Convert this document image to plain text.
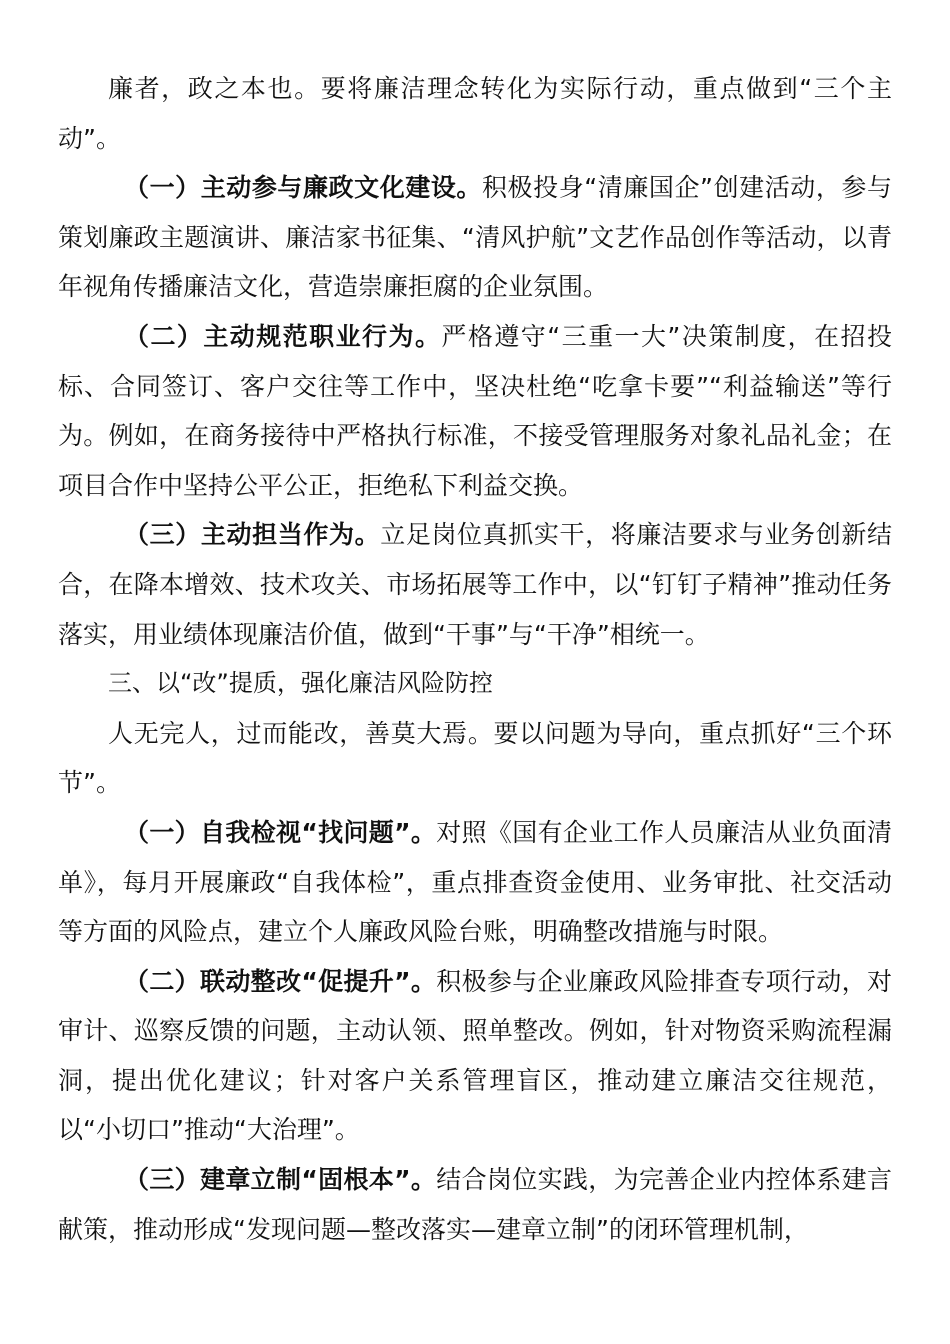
廉者，政之本也。要将廉洁理念转化为实际行动，重点做到“三个主动”。

（一）主动参与廉政文化建设。积极投身“清廉国企”创建活动，参与策划廉政主题演讲、廉洁家书征集、“清风护航”文艺作品创作等活动，以青年视角传播廉洁文化，营造崇廉拒腐的企业氛围。

（二）主动规范职业行为。严格遵守“三重一大”决策制度，在招投标、合同签订、客户交往等工作中，坚决杜绝“吃拿卡要”“利益输送”等行为。例如，在商务接待中严格执行标准，不接受管理服务对象礼品礼金；在项目合作中坚持公平公正，拒绝私下利益交换。

（三）主动担当作为。立足岗位真抓实干，将廉洁要求与业务创新结合，在降本增效、技术攻关、市场拓展等工作中，以“钉钉子精神”推动任务落实，用业绩体现廉洁价值，做到“干事”与“干净”相统一。

三、以“改”提质，强化廉洁风险防控

人无完人，过而能改，善莫大焉。要以问题为导向，重点抓好“三个环节”。

（一）自我检视“找问题”。对照《国有企业工作人员廉洁从业负面清单》，每月开展廉政“自我体检”，重点排查资金使用、业务审批、社交活动等方面的风险点，建立个人廉政风险台账，明确整改措施与时限。

（二）联动整改“促提升”。积极参与企业廉政风险排查专项行动，对审计、巡察反馈的问题，主动认领、照单整改。例如，针对物资采购流程漏洞，提出优化建议；针对客户关系管理盲区，推动建立廉洁交往规范，以“小切口”推动“大治理”。

（三）建章立制“固根本”。结合岗位实践，为完善企业内控体系建言献策，推动形成“发现问题—整改落实—建章立制”的闭环管理机制，
